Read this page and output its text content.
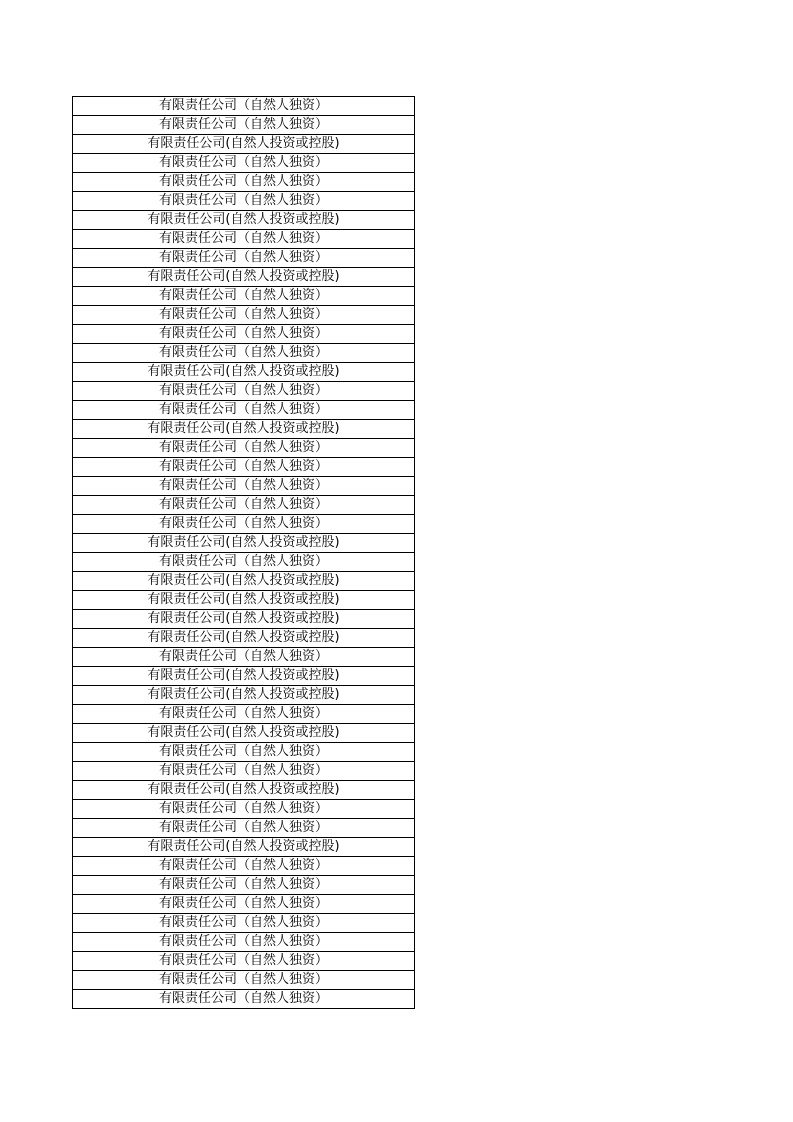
有限责任公司（自然人独资）
有限责任公司（自然人独资）
有限责任公司(自然人投资或控股)
有限责任公司（自然人独资）
有限责任公司（自然人独资）
有限责任公司（自然人独资）
有限责任公司(自然人投资或控股)
有限责任公司（自然人独资）
有限责任公司（自然人独资）
有限责任公司(自然人投资或控股)
有限责任公司（自然人独资）
有限责任公司（自然人独资）
有限责任公司（自然人独资）
有限责任公司（自然人独资）
有限责任公司(自然人投资或控股)
有限责任公司（自然人独资）
有限责任公司（自然人独资）
有限责任公司(自然人投资或控股)
有限责任公司（自然人独资）
有限责任公司（自然人独资）
有限责任公司（自然人独资）
有限责任公司（自然人独资）
有限责任公司（自然人独资）
有限责任公司(自然人投资或控股)
有限责任公司（自然人独资）
有限责任公司(自然人投资或控股)
有限责任公司(自然人投资或控股)
有限责任公司(自然人投资或控股)
有限责任公司(自然人投资或控股)
有限责任公司（自然人独资）
有限责任公司(自然人投资或控股)
有限责任公司(自然人投资或控股)
有限责任公司（自然人独资）
有限责任公司(自然人投资或控股)
有限责任公司（自然人独资）
有限责任公司（自然人独资）
有限责任公司(自然人投资或控股)
有限责任公司（自然人独资）
有限责任公司（自然人独资）
有限责任公司(自然人投资或控股)
有限责任公司（自然人独资）
有限责任公司（自然人独资）
有限责任公司（自然人独资）
有限责任公司（自然人独资）
有限责任公司（自然人独资）
有限责任公司（自然人独资）
有限责任公司（自然人独资）
有限责任公司（自然人独资）
